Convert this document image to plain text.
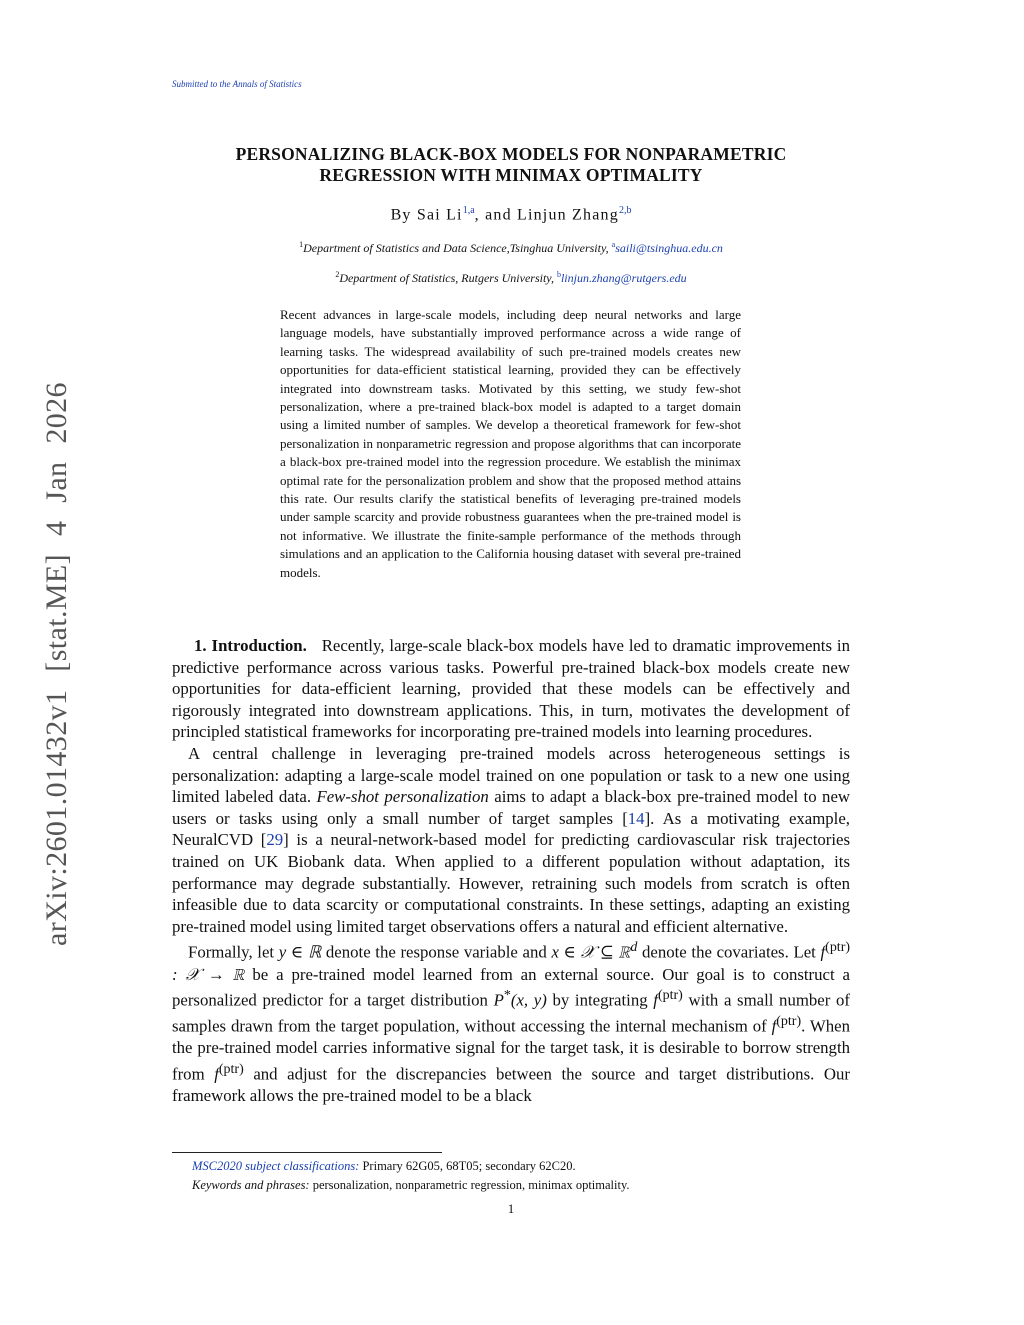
Submitted to the Annals of Statistics
arXiv:2601.01432v1 [stat.ME] 4 Jan 2026
PERSONALIZING BLACK-BOX MODELS FOR NONPARAMETRIC
REGRESSION WITH MINIMAX OPTIMALITY
By Sai Li$^{1,a}$, and Linjun Zhang$^{2,b}$
$^1$Department of Statistics and Data Science,Tsinghua University, $^a$saili@tsinghua.edu.cn
$^2$Department of Statistics, Rutgers University, $^b$linjun.zhang@rutgers.edu
Recent advances in large-scale models, including deep neural networks and large language models, have substantially improved performance across a wide range of learning tasks. The widespread availability of such pre-trained models creates new opportunities for data-efficient statistical learning, provided they can be effectively integrated into downstream tasks. Motivated by this setting, we study few-shot personalization, where a pre-trained black-box model is adapted to a target domain using a limited number of samples. We develop a theoretical framework for few-shot personalization in nonparametric regression and propose algorithms that can incorporate a black-box pre-trained model into the regression procedure. We establish the minimax optimal rate for the personalization problem and show that the proposed method attains this rate. Our results clarify the statistical benefits of leveraging pre-trained models under sample scarcity and provide robustness guarantees when the pre-trained model is not informative. We illustrate the finite-sample performance of the methods through simulations and an application to the California housing dataset with several pre-trained models.

1. Introduction. Recently, large-scale black-box models have led to dramatic improvements in predictive performance across various tasks. Powerful pre-trained black-box models create new opportunities for data-efficient learning, provided that these models can be effectively and rigorously integrated into downstream applications. This, in turn, motivates the development of principled statistical frameworks for incorporating pre-trained models into learning procedures.

A central challenge in leveraging pre-trained models across heterogeneous settings is personalization: adapting a large-scale model trained on one population or task to a new one using limited labeled data. Few-shot personalization aims to adapt a black-box pre-trained model to new users or tasks using only a small number of target samples [14]. As a motivating example, NeuralCVD [29] is a neural-network-based model for predicting cardiovascular risk trajectories trained on UK Biobank data. When applied to a different population without adaptation, its performance may degrade substantially. However, retraining such models from scratch is often infeasible due to data scarcity or computational constraints. In these settings, adapting an existing pre-trained model using limited target observations offers a natural and efficient alternative.

Formally, let y ∈ ℝ denote the response variable and x ∈ 𝒳 ⊆ ℝ$^d$ denote the covariates. Let $f^{(ptr)}$ : 𝒳 → ℝ be a pre-trained model learned from an external source. Our goal is to construct a personalized predictor for a target distribution P*(x, y) by integrating $f^{(ptr)}$ with a small number of samples drawn from the target population, without accessing the internal mechanism of $f^{(ptr)}$. When the pre-trained model carries informative signal for the target task, it is desirable to borrow strength from $f^{(ptr)}$ and adjust for the discrepancies between the source and target distributions. Our framework allows the pre-trained model to be a black

MSC2020 subject classifications: Primary 62G05, 68T05; secondary 62C20.
Keywords and phrases: personalization, nonparametric regression, minimax optimality.
1
